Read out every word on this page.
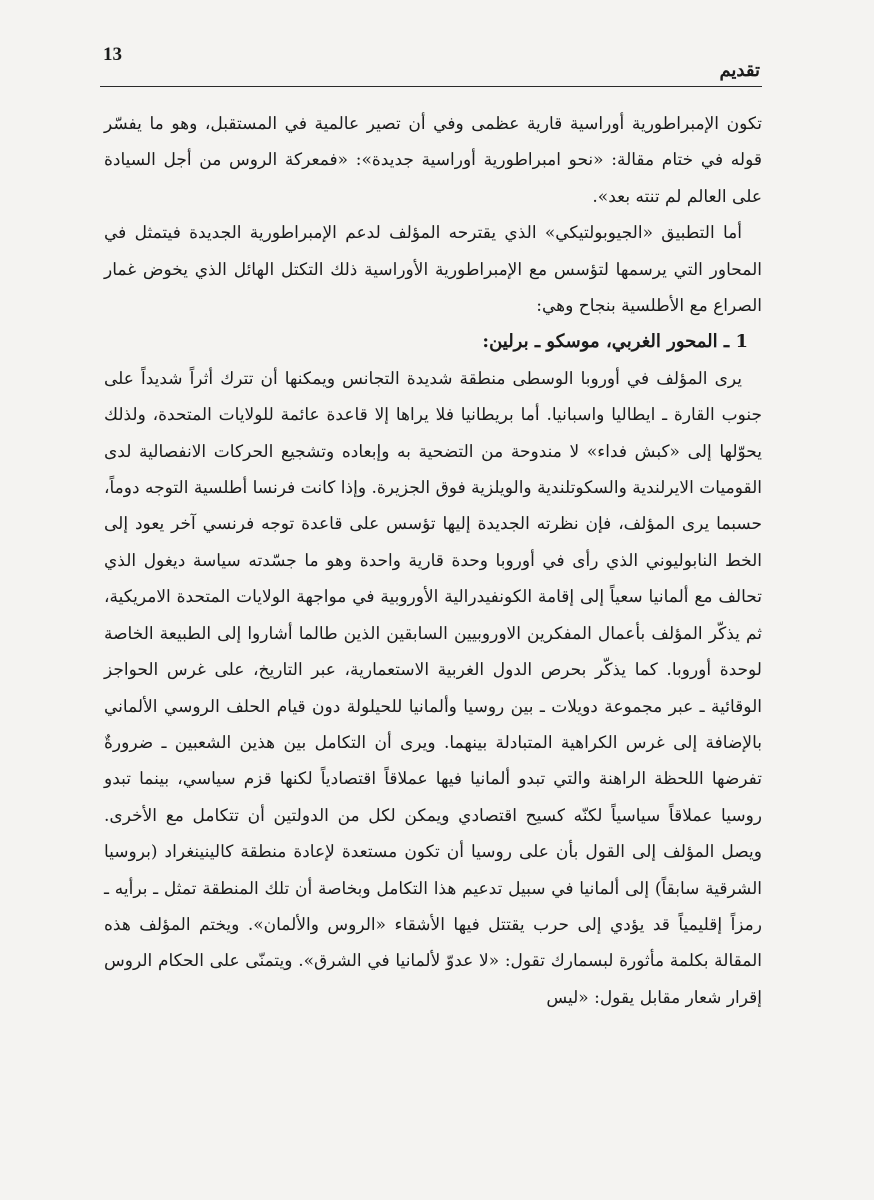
13
تقديم

تكون الإمبراطورية أوراسية قارية عظمى وفي أن تصير عالمية في المستقبل، وهو ما يفسّر قوله في ختام مقالة: «نحو امبراطورية أوراسية جديدة»: «فمعركة الروس من أجل السيادة على العالم لم تنته بعد».

أما التطبيق «الجيوبولتيكي» الذي يقترحه المؤلف لدعم الإمبراطورية الجديدة فيتمثل في المحاور التي يرسمها لتؤسس مع الإمبراطورية الأوراسية ذلك التكتل الهائل الذي يخوض غمار الصراع مع الأطلسية بنجاح وهي:

1 ـ المحور الغربي، موسكو ـ برلين:

يرى المؤلف في أوروبا الوسطى منطقة شديدة التجانس ويمكنها أن تترك أثراً شديداً على جنوب القارة ـ ايطاليا واسبانيا. أما بريطانيا فلا يراها إلا قاعدة عائمة للولايات المتحدة، ولذلك يحوّلها إلى «كبش فداء» لا مندوحة من التضحية به وإبعاده وتشجيع الحركات الانفصالية لدى القوميات الايرلندية والسكوتلندية والويلزية فوق الجزيرة. وإذا كانت فرنسا أطلسية التوجه دوماً، حسبما يرى المؤلف، فإن نظرته الجديدة إليها تؤسس على قاعدة توجه فرنسي آخر يعود إلى الخط النابوليوني الذي رأى في أوروبا وحدة قارية واحدة وهو ما جسّدته سياسة ديغول الذي تحالف مع ألمانيا سعياً إلى إقامة الكونفيدرالية الأوروبية في مواجهة الولايات المتحدة الامريكية، ثم يذكّر المؤلف بأعمال المفكرين الاوروبيين السابقين الذين طالما أشاروا إلى الطبيعة الخاصة لوحدة أوروبا. كما يذكّر بحرص الدول الغربية الاستعمارية، عبر التاريخ، على غرس الحواجز الوقائية ـ عبر مجموعة دويلات ـ بين روسيا وألمانيا للحيلولة دون قيام الحلف الروسي الألماني بالإضافة إلى غرس الكراهية المتبادلة بينهما. ويرى أن التكامل بين هذين الشعبين ـ ضرورةٌ تفرضها اللحظة الراهنة والتي تبدو ألمانيا فيها عملاقاً اقتصادياً لكنها قزم سياسي، بينما تبدو روسيا عملاقاً سياسياً لكنّه كسيح اقتصادي ويمكن لكل من الدولتين أن تتكامل مع الأخرى. ويصل المؤلف إلى القول بأن على روسيا أن تكون مستعدة لإعادة منطقة كالينينغراد (بروسيا الشرقية سابقاً) إلى ألمانيا في سبيل تدعيم هذا التكامل وبخاصة أن تلك المنطقة تمثل ـ برأيه ـ رمزاً إقليمياً قد يؤدي إلى حرب يقتتل فيها الأشقاء «الروس والألمان». ويختم المؤلف هذه المقالة بكلمة مأثورة لبسمارك تقول: «لا عدوّ لألمانيا في الشرق». ويتمنّى على الحكام الروس إقرار شعار مقابل يقول: «ليس
